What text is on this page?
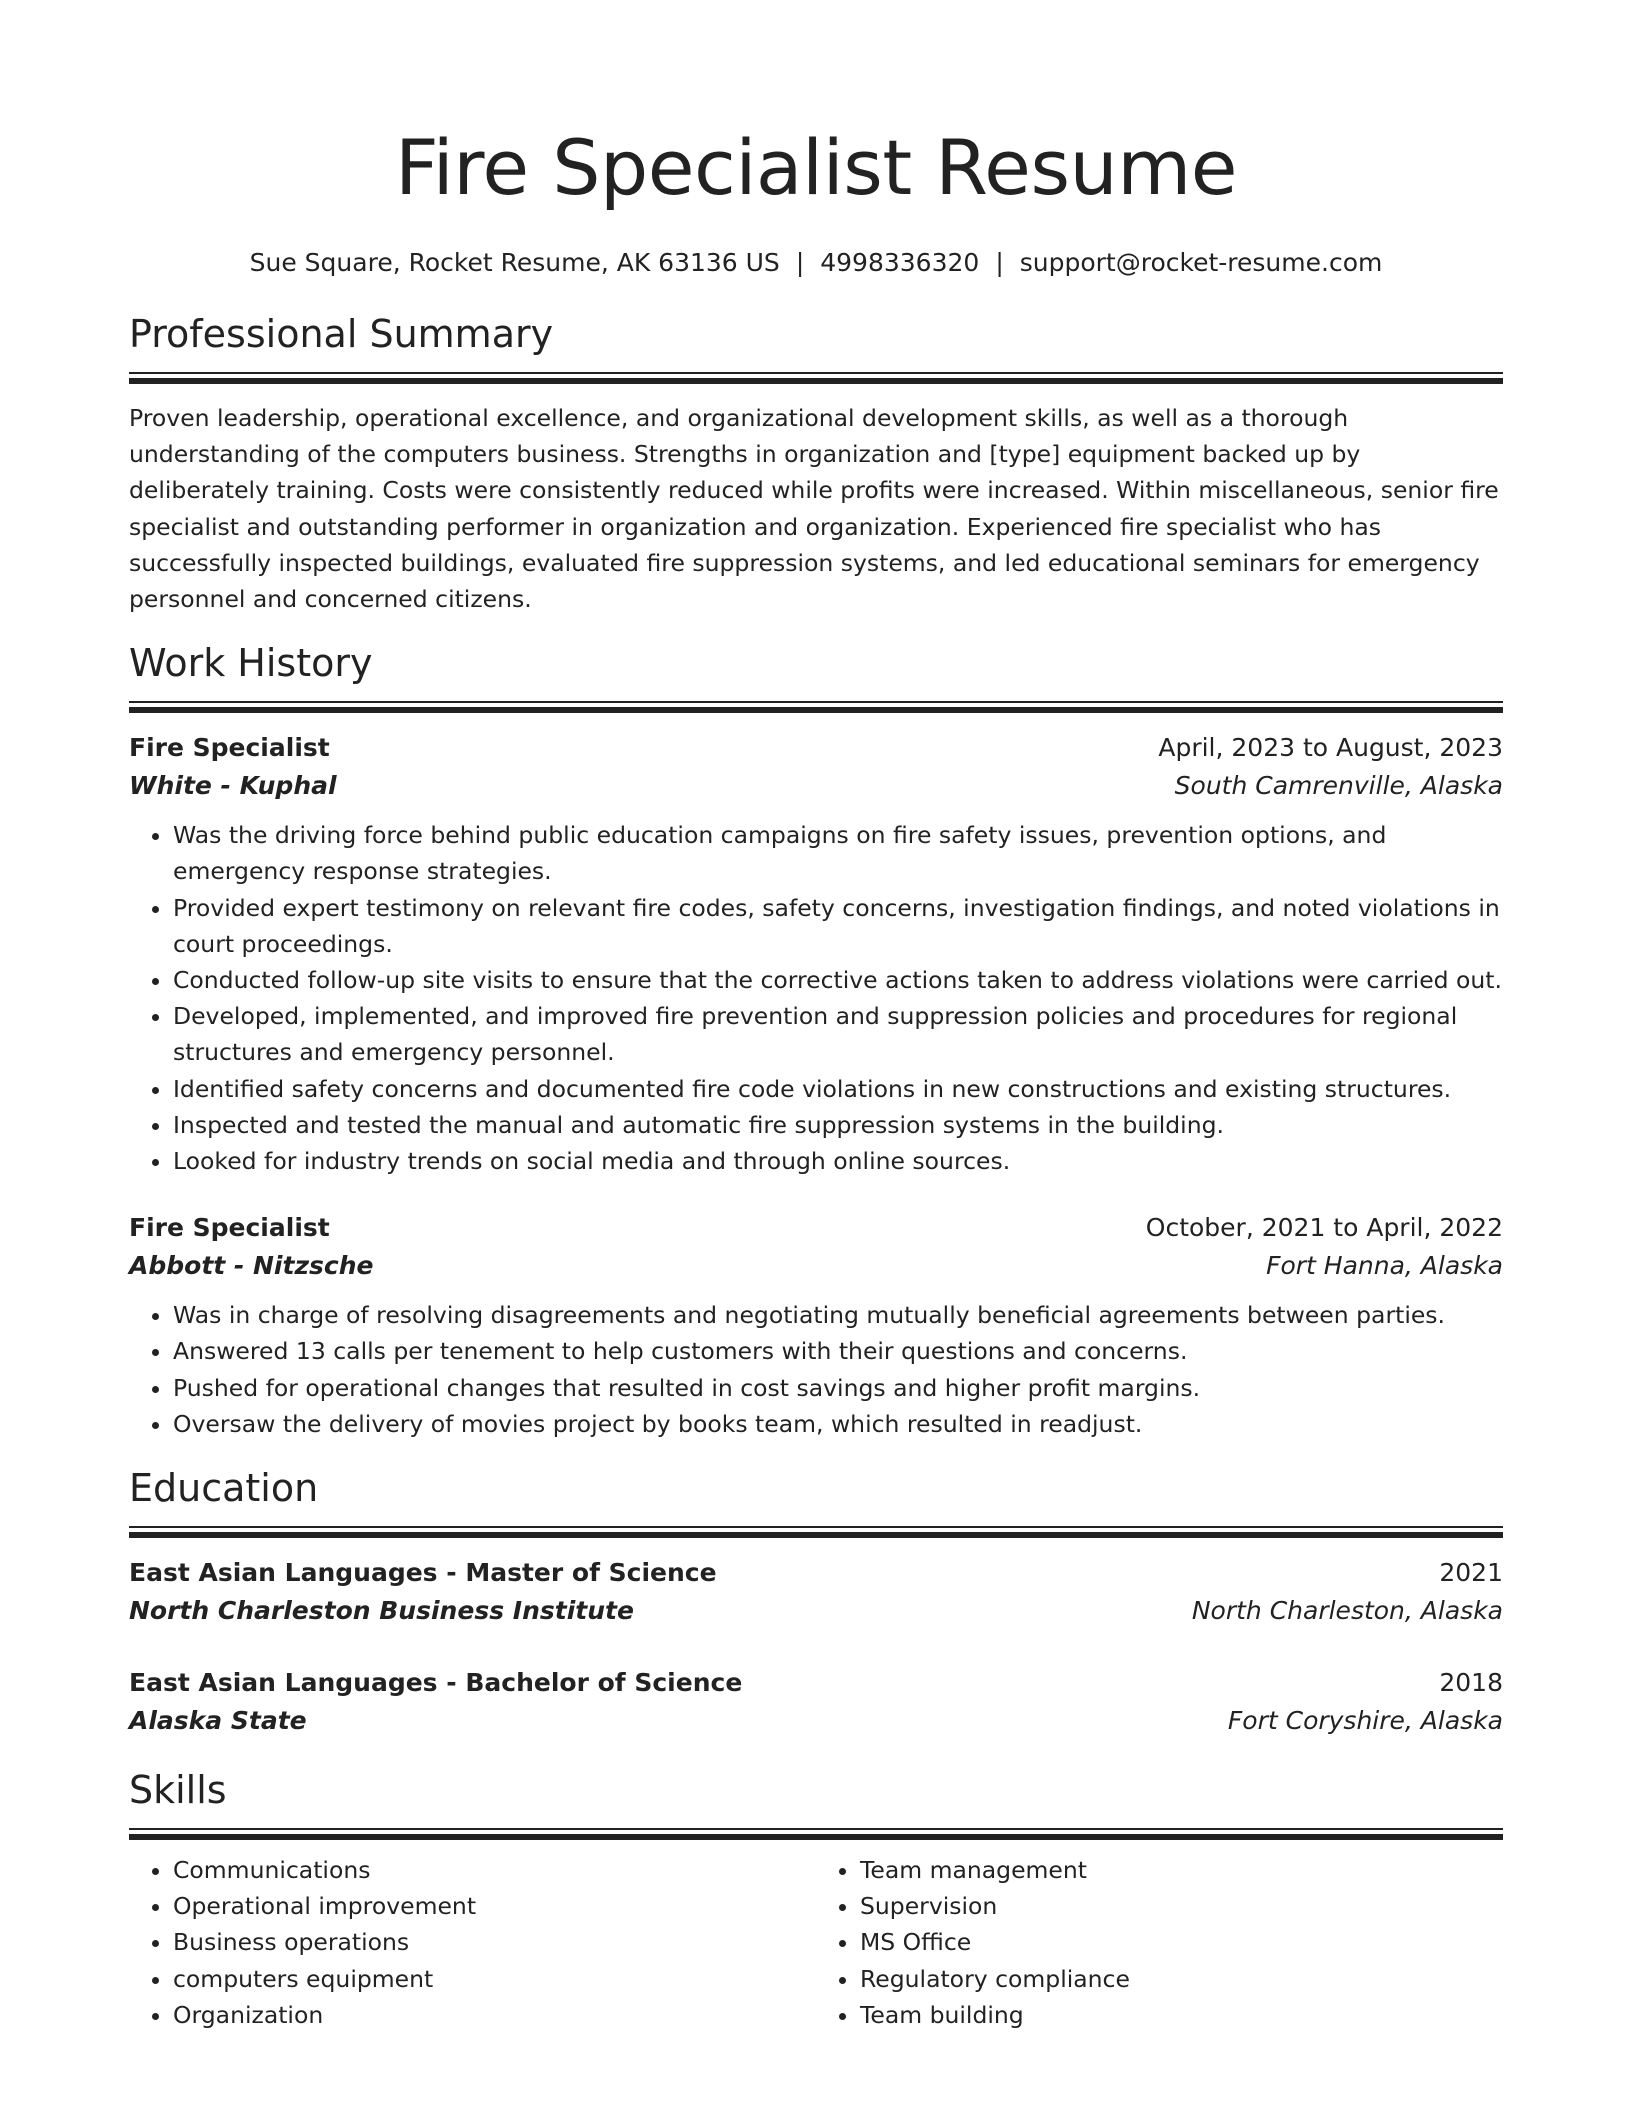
Fire Specialist Resume
Sue Square, Rocket Resume, AK 63136 US | 4998336320 | support@rocket-resume.com
Professional Summary

Proven leadership, operational excellence, and organizational development skills, as well as a thorough understanding of the computers business. Strengths in organization and [type] equipment backed up by deliberately training. Costs were consistently reduced while profits were increased. Within miscellaneous, senior fire specialist and outstanding performer in organization and organization. Experienced fire specialist who has successfully inspected buildings, evaluated fire suppression systems, and led educational seminars for emergency personnel and concerned citizens.

Work History
Fire Specialist	April, 2023 to August, 2023
White - Kuphal	South Camrenville, Alaska
• Was the driving force behind public education campaigns on fire safety issues, prevention options, and emergency response strategies.
• Provided expert testimony on relevant fire codes, safety concerns, investigation findings, and noted violations in court proceedings.
• Conducted follow-up site visits to ensure that the corrective actions taken to address violations were carried out.
• Developed, implemented, and improved fire prevention and suppression policies and procedures for regional structures and emergency personnel.
• Identified safety concerns and documented fire code violations in new constructions and existing structures.
• Inspected and tested the manual and automatic fire suppression systems in the building.
• Looked for industry trends on social media and through online sources.
Fire Specialist	October, 2021 to April, 2022
Abbott - Nitzsche	Fort Hanna, Alaska
• Was in charge of resolving disagreements and negotiating mutually beneficial agreements between parties.
• Answered 13 calls per tenement to help customers with their questions and concerns.
• Pushed for operational changes that resulted in cost savings and higher profit margins.
• Oversaw the delivery of movies project by books team, which resulted in readjust.
Education
East Asian Languages - Master of Science	2021
North Charleston Business Institute	North Charleston, Alaska
East Asian Languages - Bachelor of Science	2018
Alaska State	Fort Coryshire, Alaska
Skills
• Communications
• Operational improvement
• Business operations
• computers equipment
• Organization
• Team management
• Supervision
• MS Office
• Regulatory compliance
• Team building
